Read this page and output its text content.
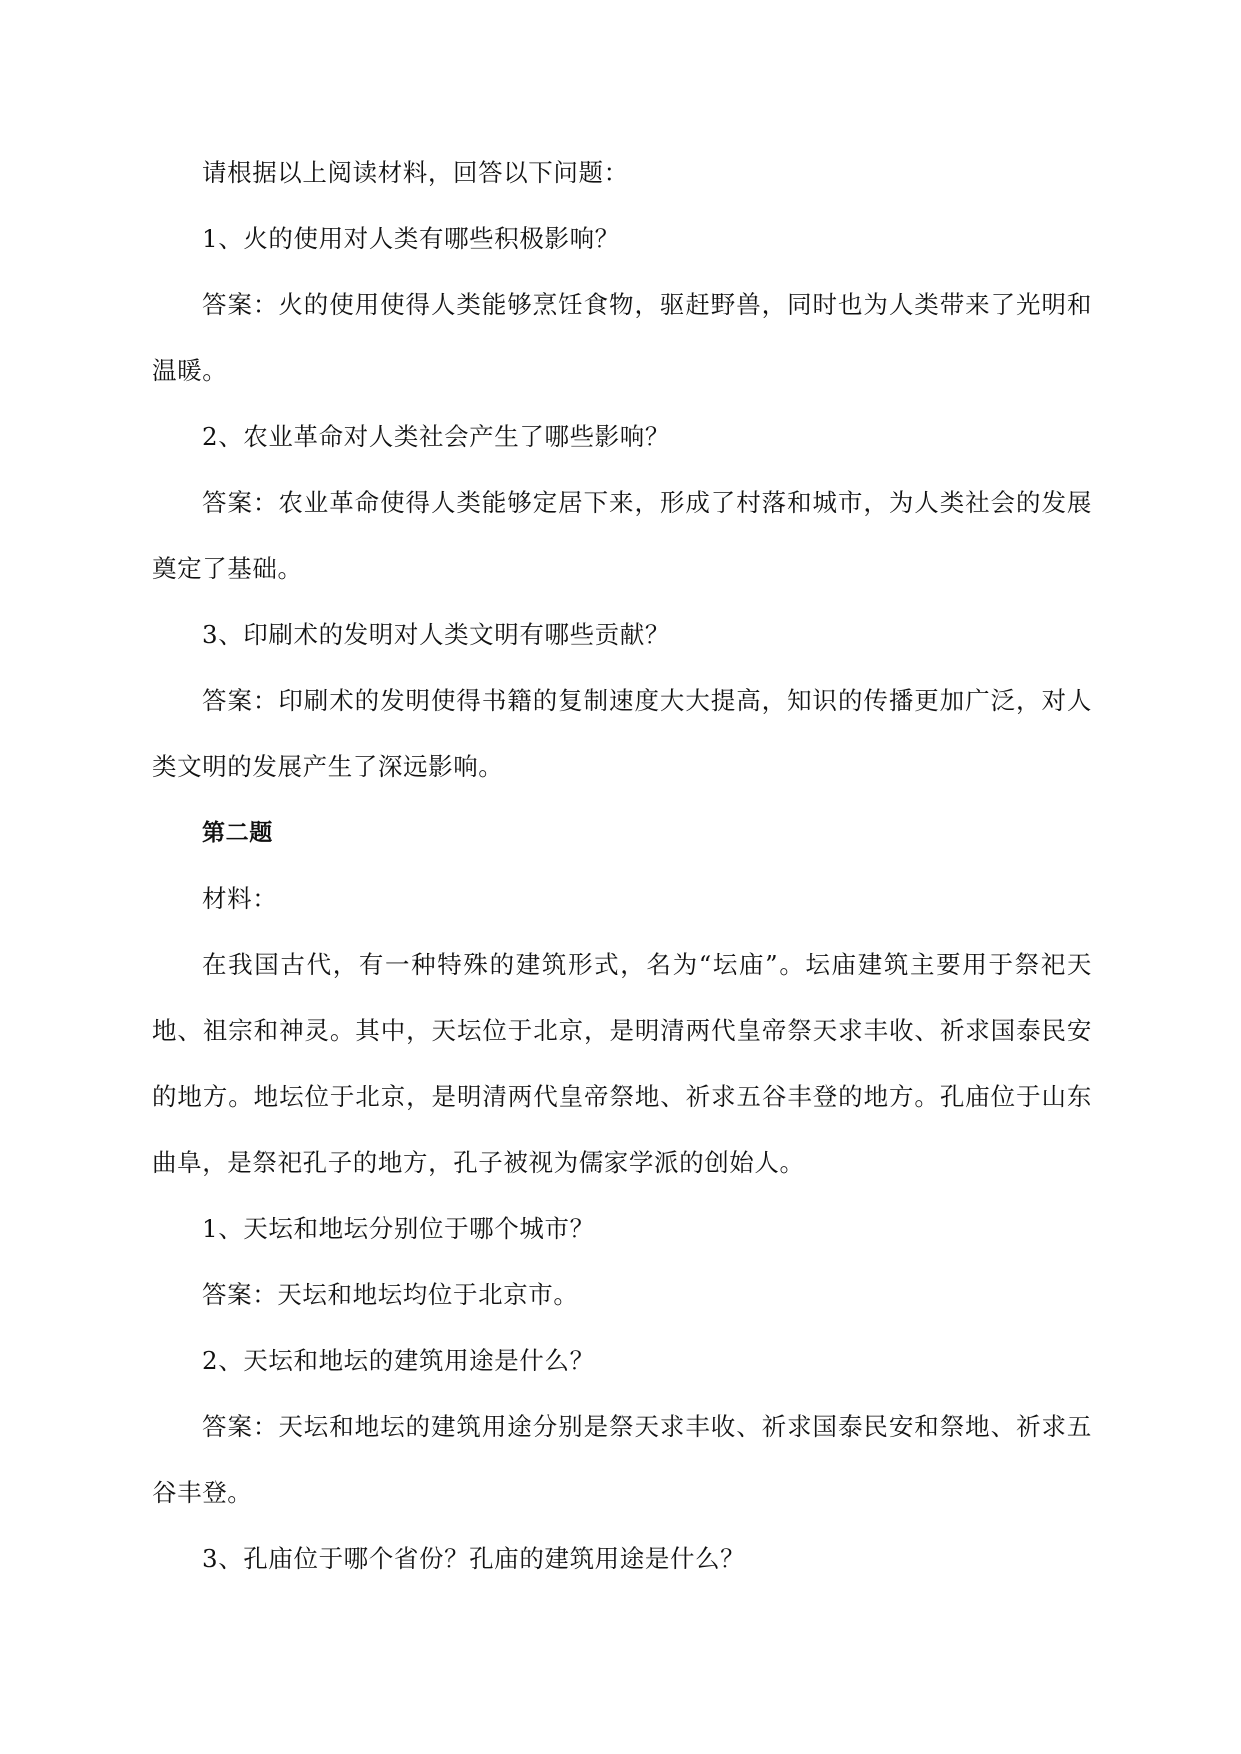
请根据以上阅读材料，回答以下问题：

1、火的使用对人类有哪些积极影响？

答案：火的使用使得人类能够烹饪食物，驱赶野兽，同时也为人类带来了光明和温暖。

2、农业革命对人类社会产生了哪些影响？

答案：农业革命使得人类能够定居下来，形成了村落和城市，为人类社会的发展奠定了基础。

3、印刷术的发明对人类文明有哪些贡献？

答案：印刷术的发明使得书籍的复制速度大大提高，知识的传播更加广泛，对人类文明的发展产生了深远影响。

第二题

材料：

在我国古代，有一种特殊的建筑形式，名为“坛庙”。坛庙建筑主要用于祭祀天地、祖宗和神灵。其中，天坛位于北京，是明清两代皇帝祭天求丰收、祈求国泰民安的地方。地坛位于北京，是明清两代皇帝祭地、祈求五谷丰登的地方。孔庙位于山东曲阜，是祭祀孔子的地方，孔子被视为儒家学派的创始人。

1、天坛和地坛分别位于哪个城市？

答案：天坛和地坛均位于北京市。

2、天坛和地坛的建筑用途是什么？

答案：天坛和地坛的建筑用途分别是祭天求丰收、祈求国泰民安和祭地、祈求五谷丰登。

3、孔庙位于哪个省份？孔庙的建筑用途是什么？
